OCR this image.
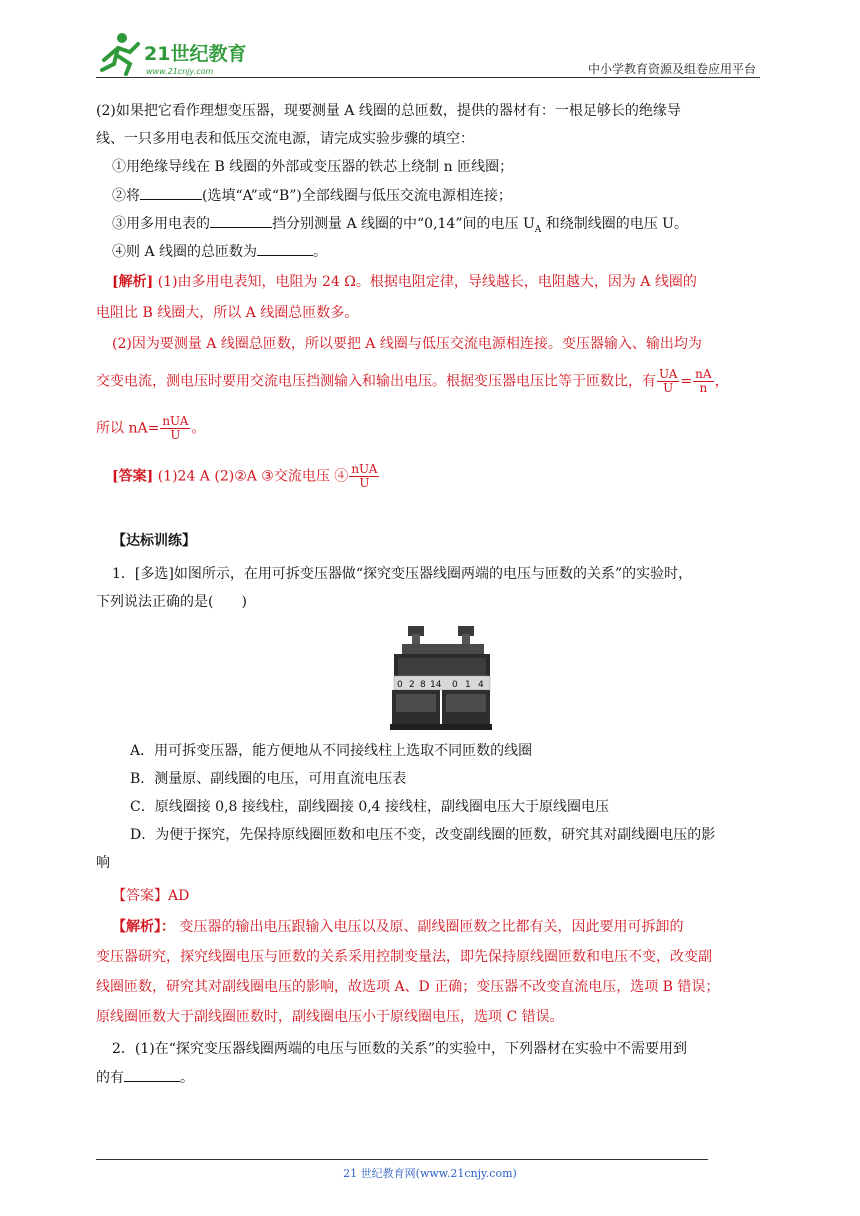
21世纪教育
www.21cnjy.com	中小学教育资源及组卷应用平台
(2)如果把它看作理想变压器，现要测量 A 线圈的总匝数，提供的器材有：一根足够长的绝缘导
线、一只多用电表和低压交流电源，请完成实验步骤的填空：
①用绝缘导线在 B 线圈的外部或变压器的铁芯上绕制 n 匝线圈；
②将	(选填“A”或“B”)全部线圈与低压交流电源相连接；
③用多用电表的	挡分别测量 A 线圈的中“0,14”间的电压 $U_A$ 和绕制线圈的电压 U。
④则 A 线圈的总匝数为	。
[解析] (1)由多用电表知，电阻为 24 Ω。根据电阻定律，导线越长，电阻越大，因为 A 线圈的
电阻比 B 线圈大，所以 A 线圈总匝数多。
(2)因为要测量 A 线圈总匝数，所以要把 A 线圈与低压交流电源相连接。变压器输入、输出均为
交变电流，测电压时要用交流电压挡测输入和输出电压。根据变压器电压比等于匝数比，有 $\frac{UA}{U} = \frac{nA}{n}$ ，
所以 $nA= \frac{\text{nUA}}{U}$ 。
[答案] (1)24 A (2)②A ③交流电压 ④ $\frac{\text{nUA}}{U}$
【达标训练】
1．[多选]如图所示，在用可拆变压器做“探究变压器线圈两端的电压与匝数的关系”的实验时，
下列说法正确的是(　　)
0 2 8 14 0 1 4
A．用可拆变压器，能方便地从不同接线柱上选取不同匝数的线圈
B．测量原、副线圈的电压，可用直流电压表
C．原线圈接 0,8 接线柱，副线圈接 0,4 接线柱，副线圈电压大于原线圈电压
D．为便于探究，先保持原线圈匝数和电压不变，改变副线圈的匝数，研究其对副线圈电压的影
响
【答案】AD
【解析】： 变压器的输出电压跟输入电压以及原、副线圈匝数之比都有关，因此要用可拆卸的
变压器研究，探究线圈电压与匝数的关系采用控制变量法，即先保持原线圈匝数和电压不变，改变副
线圈匝数，研究其对副线圈电压的影响，故选项 A、D 正确；变压器不改变直流电压，选项 B 错误；
原线圈匝数大于副线圈匝数时，副线圈电压小于原线圈电压，选项 C 错误。
2．(1)在“探究变压器线圈两端的电压与匝数的关系”的实验中，下列器材在实验中不需要用到
的有	。
21 世纪教育网(www.21cnjy.com)
